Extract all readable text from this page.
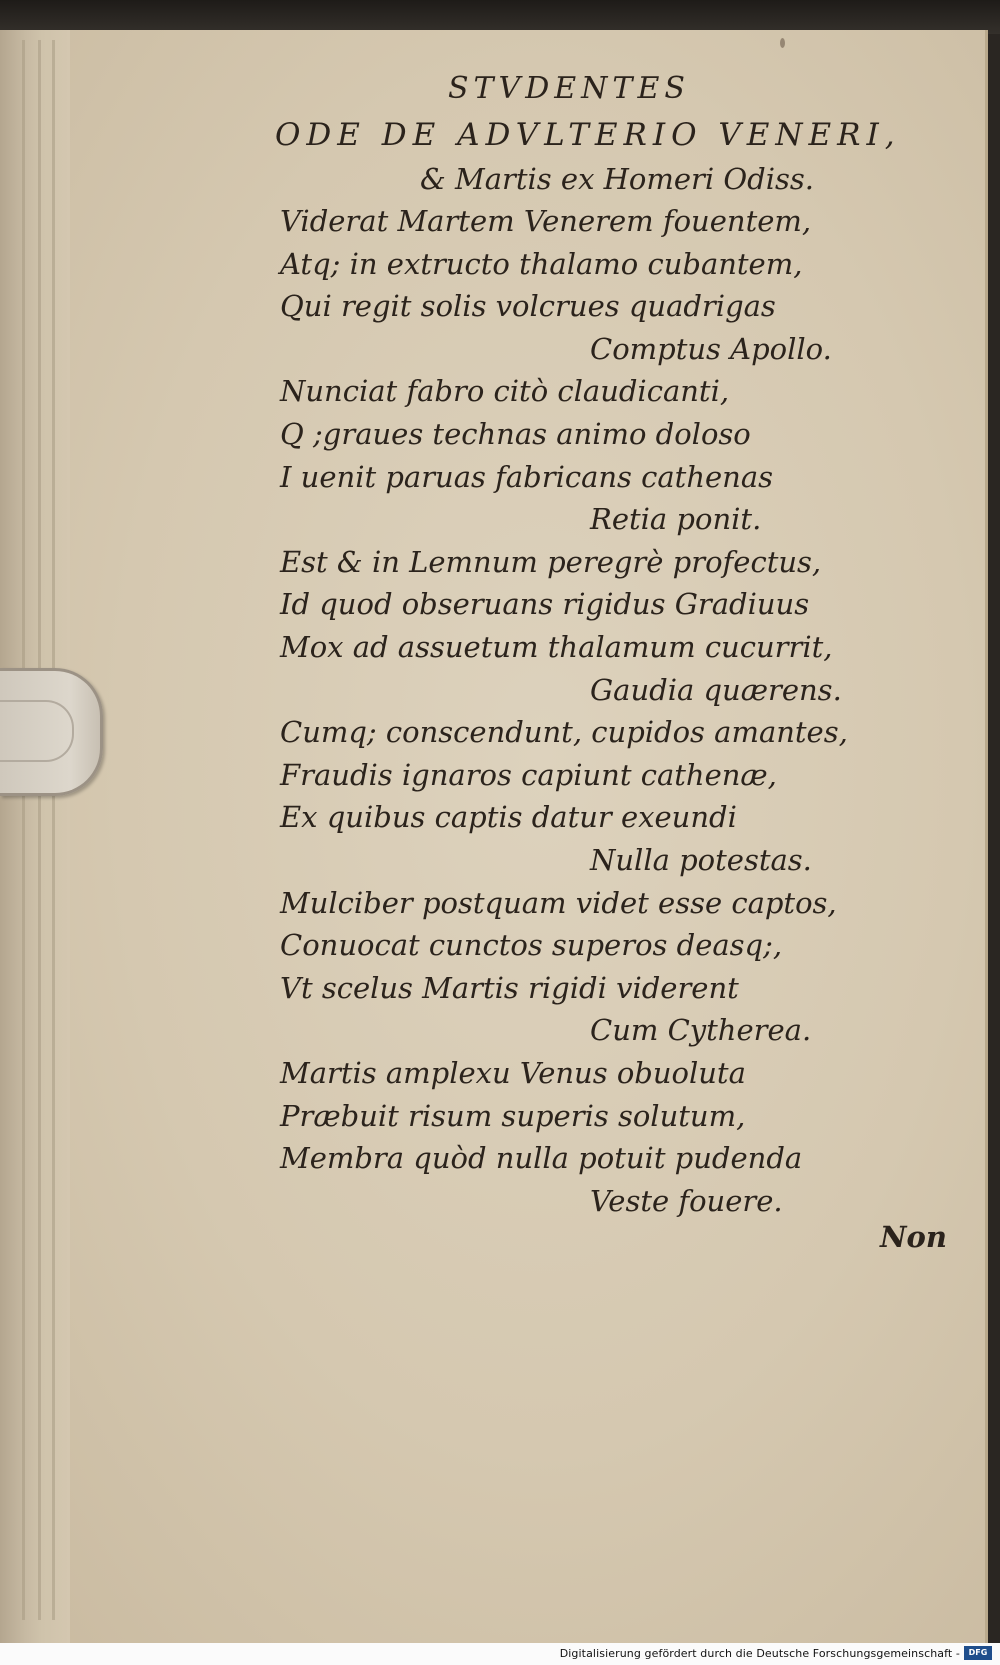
STVDENTES
ODE DE ADVLTERIO VENERI,
& Martis ex Homeri Odiss.
Viderat Martem Venerem fouentem,
Atq; in extructo thalamo cubantem,
Qui regit solis volcrues quadrigas
Comptus Apollo.
Nunciat fabro citò claudicanti,
Q ;graues technas animo doloso
I uenit paruas fabricans cathenas
Retia ponit.
Est & in Lemnum peregrè profectus,
Id quod obseruans rigidus Gradiuus
Mox ad assuetum thalamum cucurrit,
Gaudia quærens.
Cumq; conscendunt, cupidos amantes,
Fraudis ignaros capiunt cathenæ,
Ex quibus captis datur exeundi
Nulla potestas.
Mulciber postquam videt esse captos,
Conuocat cunctos superos deasq;,
Vt scelus Martis rigidi viderent
Cum Cytherea.
Martis amplexu Venus obuoluta
Præbuit risum superis solutum,
Membra quòd nulla potuit pudenda
Veste fouere.
Non
Digitalisierung gefördert durch die Deutsche Forschungsgemeinschaft -	DFG
